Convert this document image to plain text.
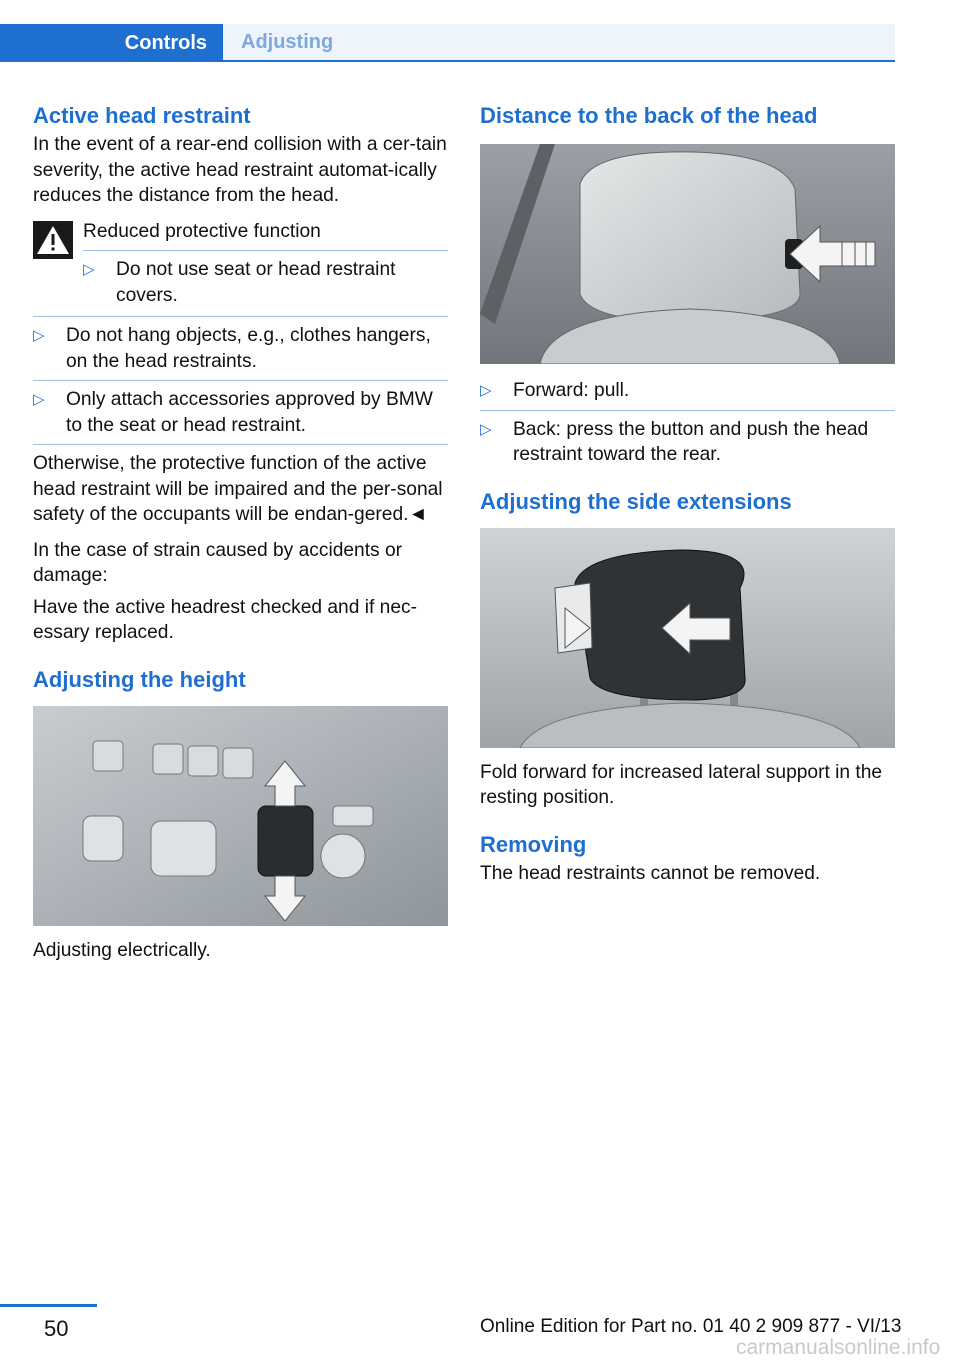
Controls	Adjusting
Active head restraint

In the event of a rear-end collision with a cer-tain severity, the active head restraint automat-ically reduces the distance from the head.

Reduced protective function

▷ Do not use seat or head restraint covers.
▷ Do not hang objects, e.g., clothes hangers, on the head restraints.
▷ Only attach accessories approved by BMW to the seat or head restraint.

Otherwise, the protective function of the active head restraint will be impaired and the per-sonal safety of the occupants will be endan-gered.◄

In the case of strain caused by accidents or damage:

Have the active headrest checked and if nec-essary replaced.

Adjusting the height

Adjusting electrically.

Distance to the back of the head
▷ Forward: pull.
▷ Back: press the button and push the head restraint toward the rear.
Adjusting the side extensions

Fold forward for increased lateral support in the resting position.

Removing

The head restraints cannot be removed.

50	Online Edition for Part no. 01 40 2 909 877 - VI/13
carmanualsonline.info
